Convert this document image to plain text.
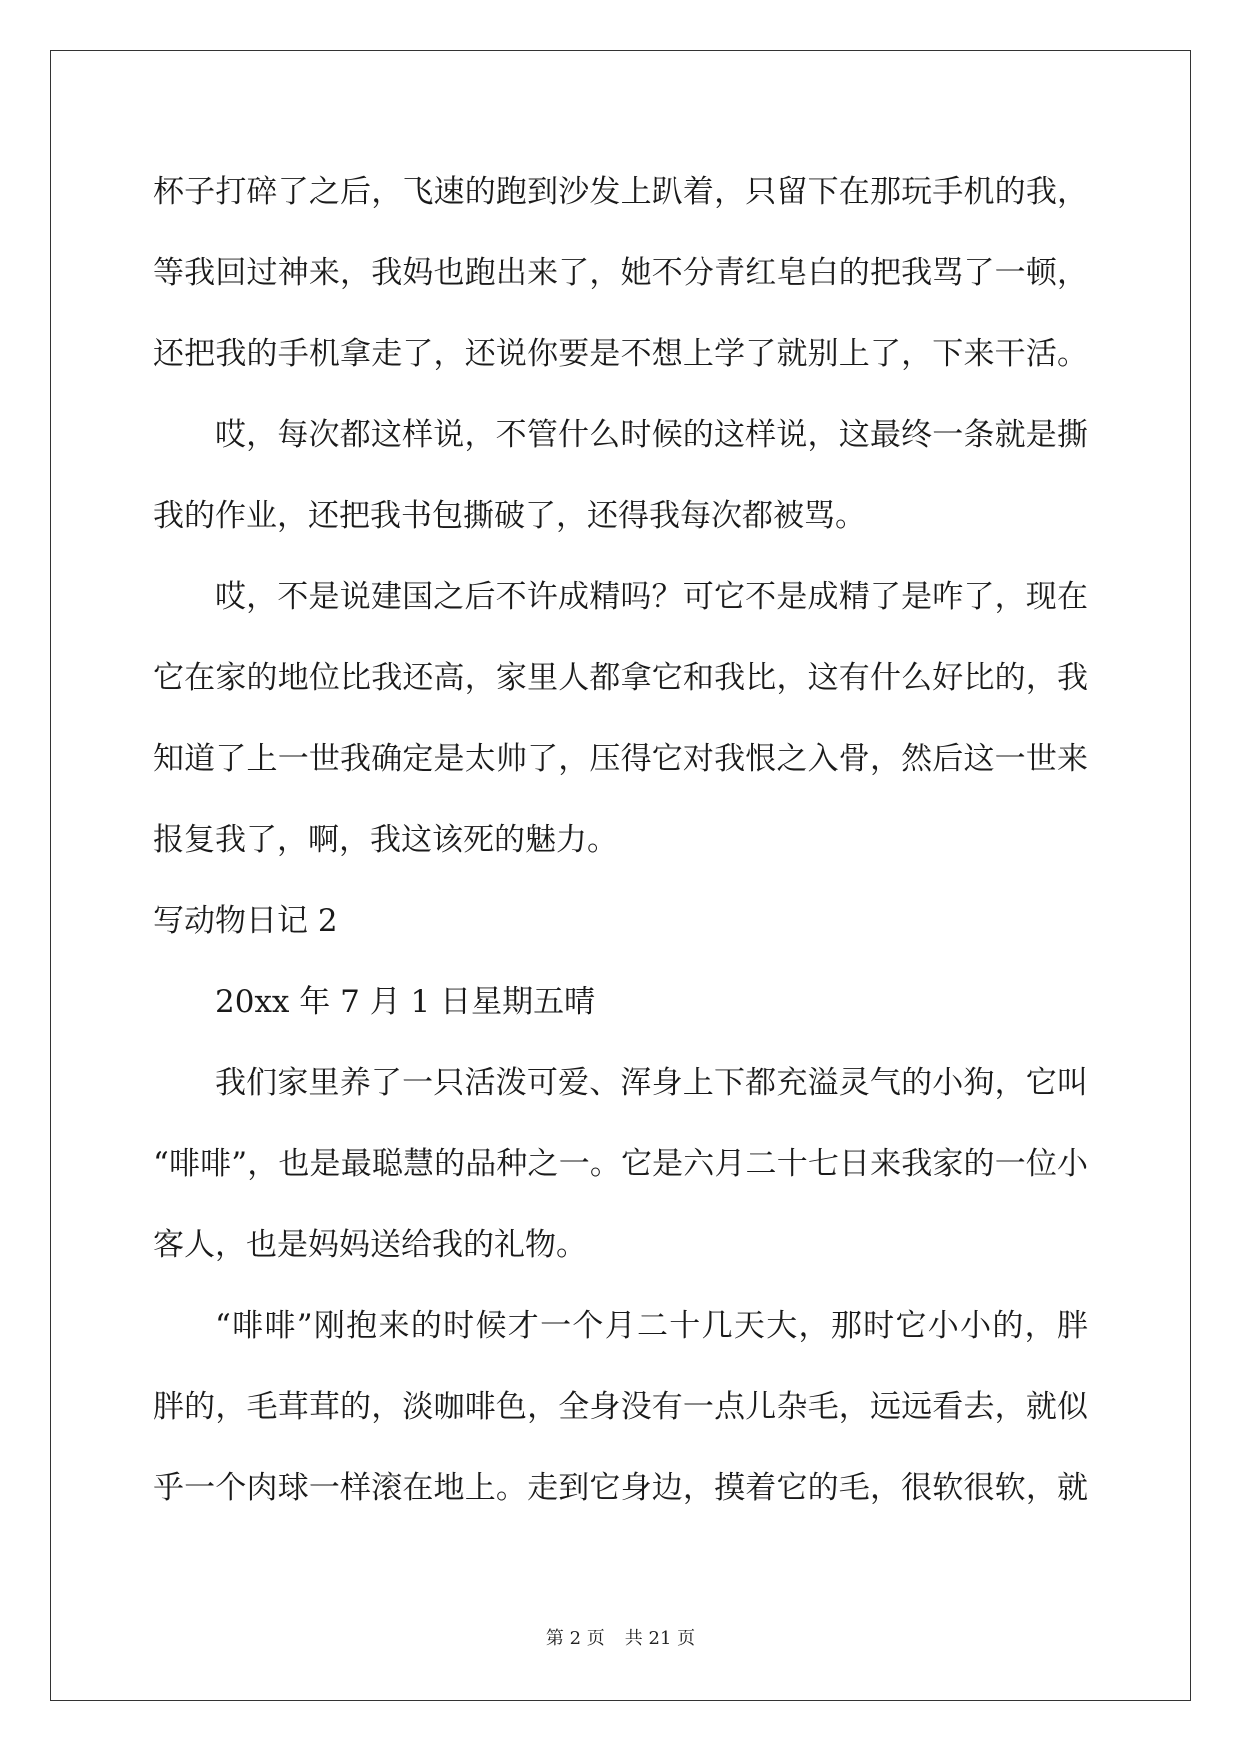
杯子打碎了之后，飞速的跑到沙发上趴着，只留下在那玩手机的我，
等我回过神来，我妈也跑出来了，她不分青红皂白的把我骂了一顿，
还把我的手机拿走了，还说你要是不想上学了就别上了，下来干活。
哎，每次都这样说，不管什么时候的这样说，这最终一条就是撕
我的作业，还把我书包撕破了，还得我每次都被骂。
哎，不是说建国之后不许成精吗？可它不是成精了是咋了，现在
它在家的地位比我还高，家里人都拿它和我比，这有什么好比的，我
知道了上一世我确定是太帅了，压得它对我恨之入骨，然后这一世来
报复我了，啊，我这该死的魅力。
写动物日记 2
20xx 年 7 月 1 日星期五晴
我们家里养了一只活泼可爱、浑身上下都充溢灵气的小狗，它叫
“啡啡”，也是最聪慧的品种之一。它是六月二十七日来我家的一位小
客人，也是妈妈送给我的礼物。
“啡啡”刚抱来的时候才一个月二十几天大，那时它小小的，胖
胖的，毛茸茸的，淡咖啡色，全身没有一点儿杂毛，远远看去，就似
乎一个肉球一样滚在地上。走到它身边，摸着它的毛，很软很软，就
第 2 页 共 21 页
